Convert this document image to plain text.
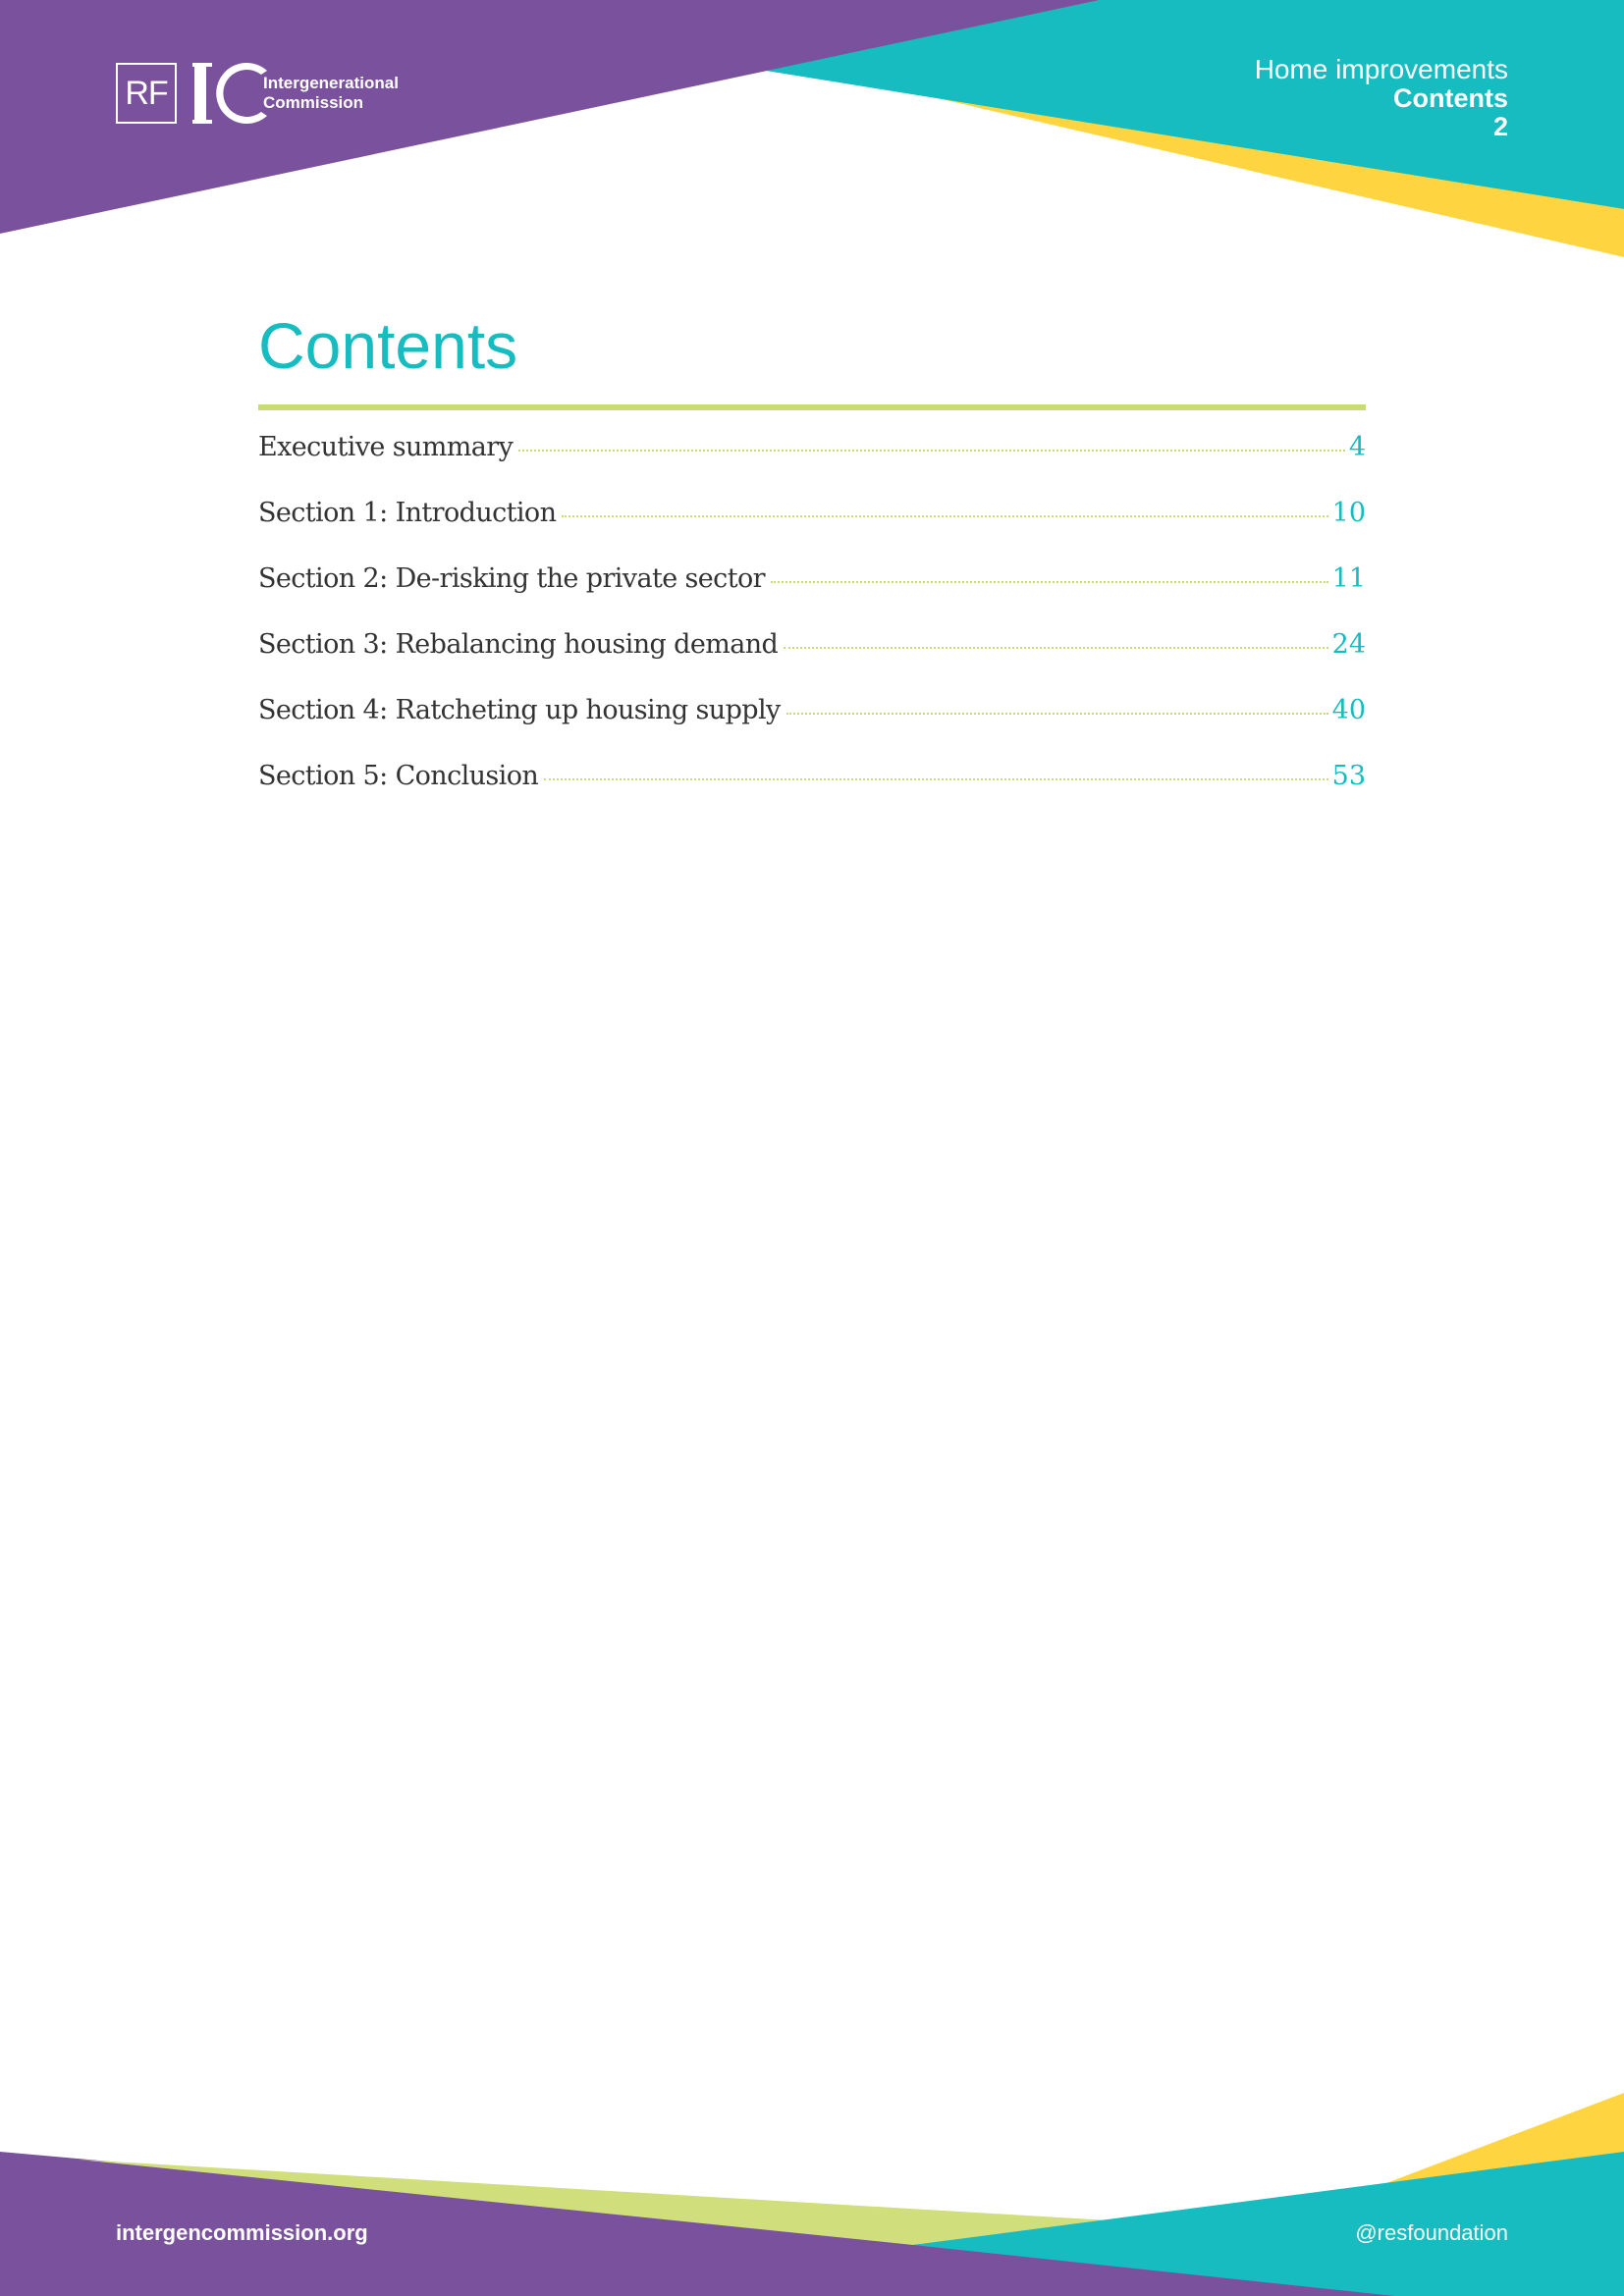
RF	Intergenerational
Commission
Home improvements
Contents
2
Contents
Executive summary	4
Section 1: Introduction	10
Section 2: De-risking the private sector	11
Section 3: Rebalancing housing demand	24
Section 4: Ratcheting up housing supply	40
Section 5: Conclusion	53
intergencommission.org	@resfoundation
